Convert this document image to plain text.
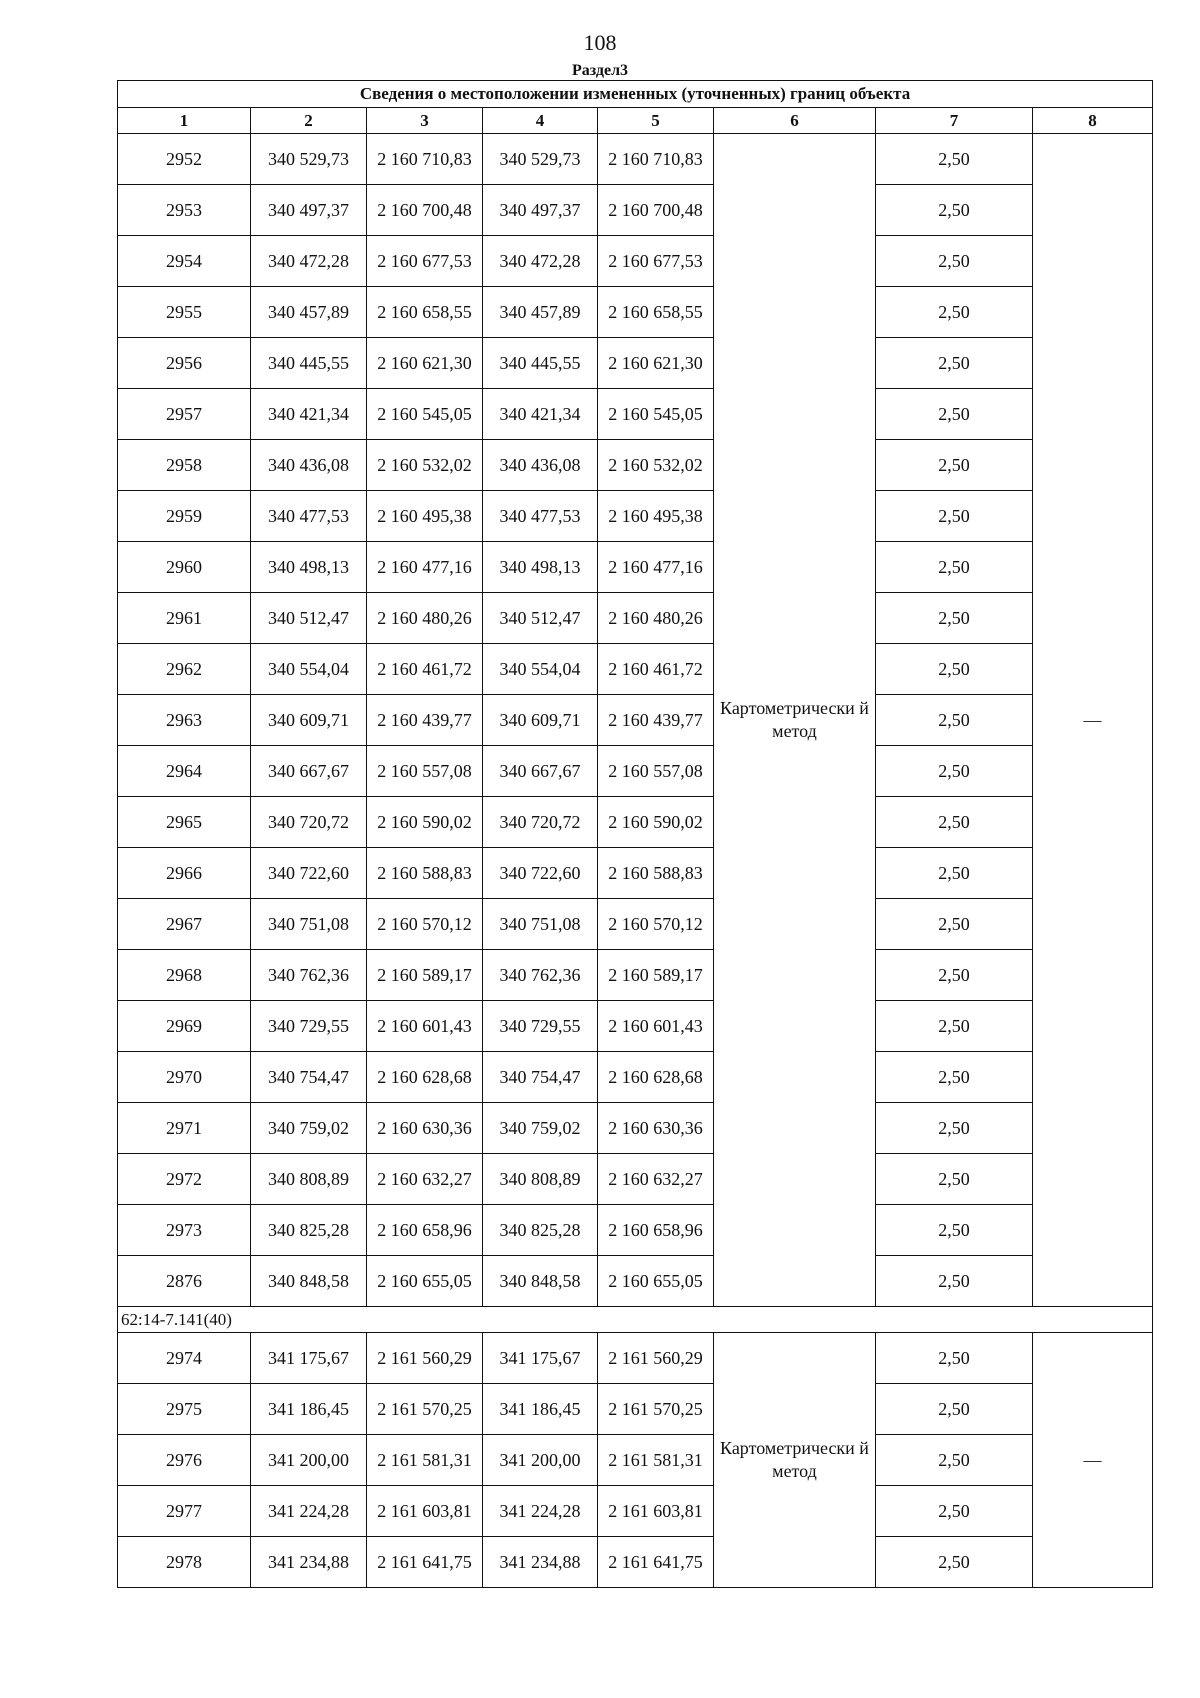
108
Раздел3
Сведения о местоположении измененных (уточненных) границ объекта							
1	2	3	4	5	6	7	8
2952	340 529,73	2 160 710,83	340 529,73	2 160 710,83	Картометрически й метод	2,50	—
2953	340 497,37	2 160 700,48	340 497,37	2 160 700,48		2,50	
2954	340 472,28	2 160 677,53	340 472,28	2 160 677,53		2,50	
2955	340 457,89	2 160 658,55	340 457,89	2 160 658,55		2,50	
2956	340 445,55	2 160 621,30	340 445,55	2 160 621,30		2,50	
2957	340 421,34	2 160 545,05	340 421,34	2 160 545,05		2,50	
2958	340 436,08	2 160 532,02	340 436,08	2 160 532,02		2,50	
2959	340 477,53	2 160 495,38	340 477,53	2 160 495,38		2,50	
2960	340 498,13	2 160 477,16	340 498,13	2 160 477,16		2,50	
2961	340 512,47	2 160 480,26	340 512,47	2 160 480,26		2,50	
2962	340 554,04	2 160 461,72	340 554,04	2 160 461,72		2,50	
2963	340 609,71	2 160 439,77	340 609,71	2 160 439,77		2,50	
2964	340 667,67	2 160 557,08	340 667,67	2 160 557,08		2,50	
2965	340 720,72	2 160 590,02	340 720,72	2 160 590,02		2,50	
2966	340 722,60	2 160 588,83	340 722,60	2 160 588,83		2,50	
2967	340 751,08	2 160 570,12	340 751,08	2 160 570,12		2,50	
2968	340 762,36	2 160 589,17	340 762,36	2 160 589,17		2,50	
2969	340 729,55	2 160 601,43	340 729,55	2 160 601,43		2,50	
2970	340 754,47	2 160 628,68	340 754,47	2 160 628,68		2,50	
2971	340 759,02	2 160 630,36	340 759,02	2 160 630,36		2,50	
2972	340 808,89	2 160 632,27	340 808,89	2 160 632,27		2,50	
2973	340 825,28	2 160 658,96	340 825,28	2 160 658,96		2,50	
2876	340 848,58	2 160 655,05	340 848,58	2 160 655,05		2,50	
62:14-7.141(40)							
2974	341 175,67	2 161 560,29	341 175,67	2 161 560,29	Картометрически й метод	2,50	—
2975	341 186,45	2 161 570,25	341 186,45	2 161 570,25		2,50	
2976	341 200,00	2 161 581,31	341 200,00	2 161 581,31		2,50	
2977	341 224,28	2 161 603,81	341 224,28	2 161 603,81		2,50	
2978	341 234,88	2 161 641,75	341 234,88	2 161 641,75		2,50	
